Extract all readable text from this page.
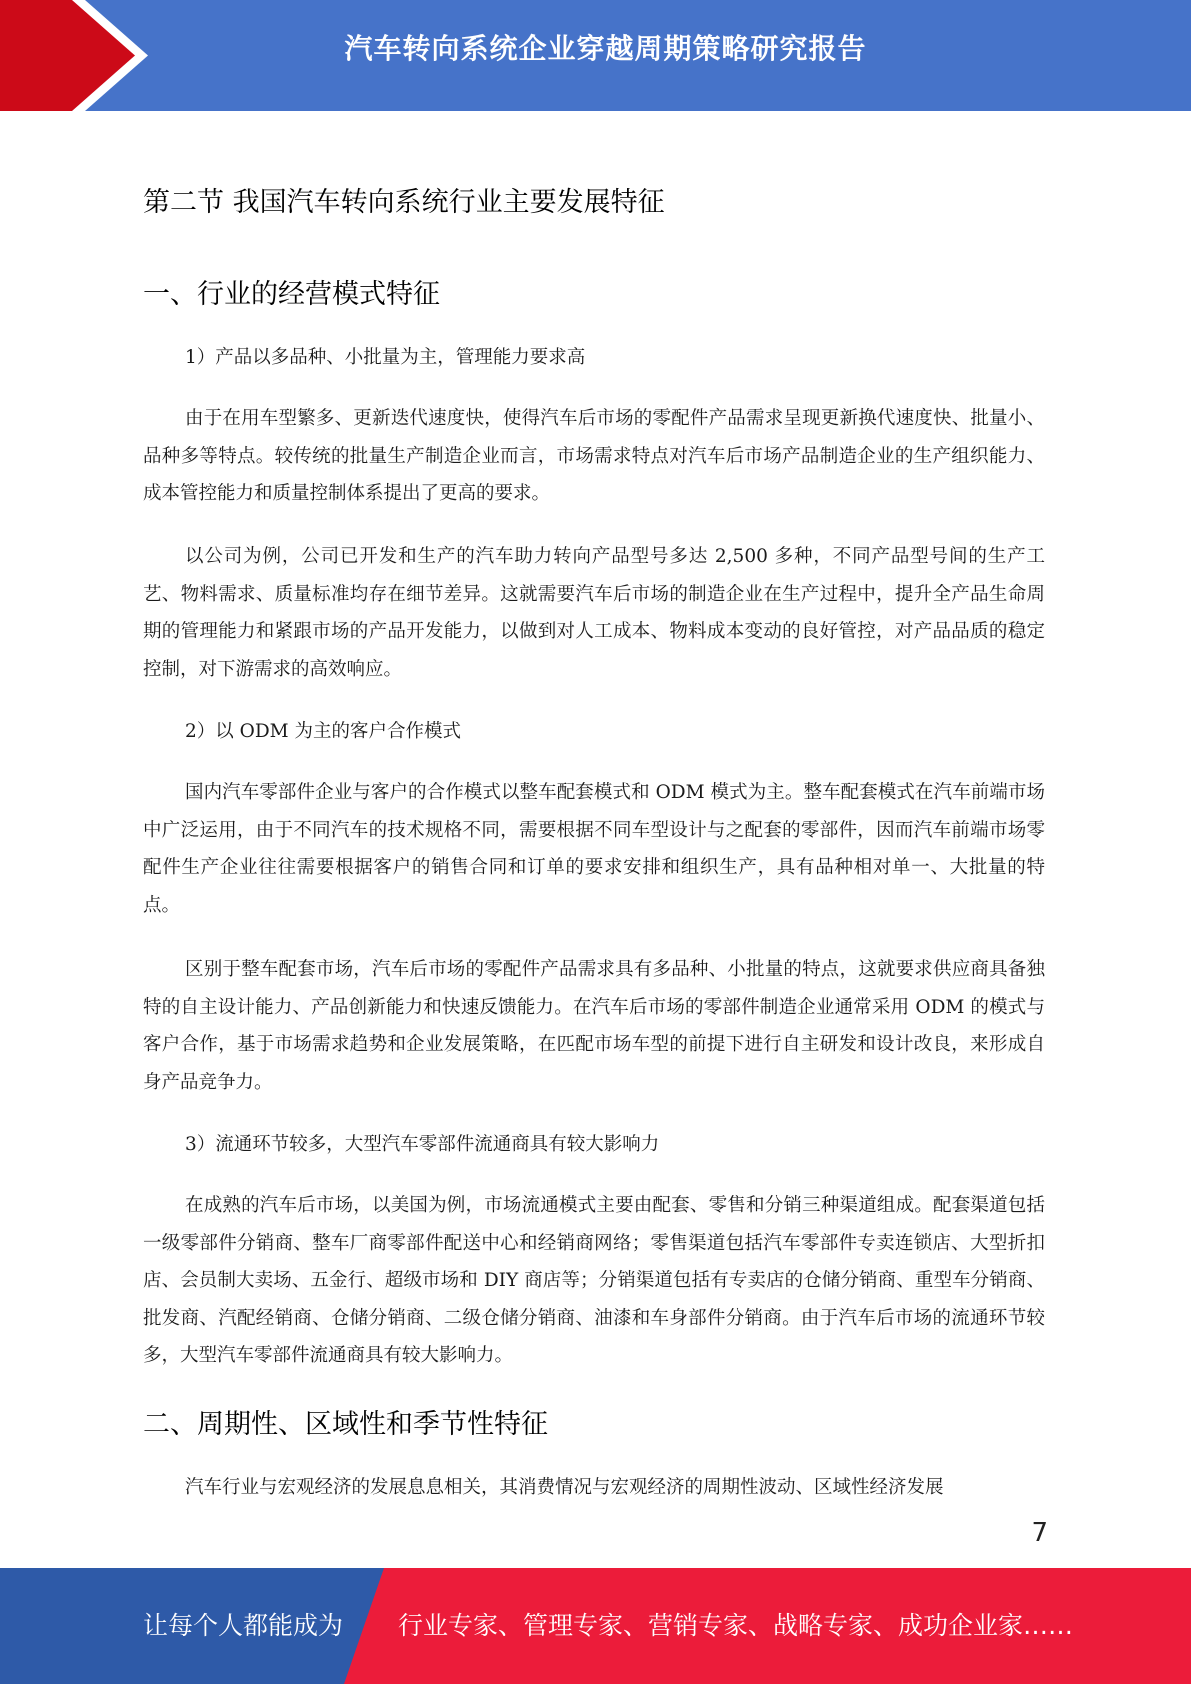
汽车转向系统企业穿越周期策略研究报告
第二节 我国汽车转向系统行业主要发展特征
一、行业的经营模式特征

1）产品以多品种、小批量为主，管理能力要求高

由于在用车型繁多、更新迭代速度快，使得汽车后市场的零配件产品需求呈现更新换代速度快、批量小、品种多等特点。较传统的批量生产制造企业而言，市场需求特点对汽车后市场产品制造企业的生产组织能力、成本管控能力和质量控制体系提出了更高的要求。

以公司为例，公司已开发和生产的汽车助力转向产品型号多达 2,500 多种，不同产品型号间的生产工艺、物料需求、质量标准均存在细节差异。这就需要汽车后市场的制造企业在生产过程中，提升全产品生命周期的管理能力和紧跟市场的产品开发能力，以做到对人工成本、物料成本变动的良好管控，对产品品质的稳定控制，对下游需求的高效响应。

2）以 ODM 为主的客户合作模式

国内汽车零部件企业与客户的合作模式以整车配套模式和 ODM 模式为主。整车配套模式在汽车前端市场中广泛运用，由于不同汽车的技术规格不同，需要根据不同车型设计与之配套的零部件，因而汽车前端市场零配件生产企业往往需要根据客户的销售合同和订单的要求安排和组织生产，具有品种相对单一、大批量的特点。

区别于整车配套市场，汽车后市场的零配件产品需求具有多品种、小批量的特点，这就要求供应商具备独特的自主设计能力、产品创新能力和快速反馈能力。在汽车后市场的零部件制造企业通常采用 ODM 的模式与客户合作，基于市场需求趋势和企业发展策略，在匹配市场车型的前提下进行自主研发和设计改良，来形成自身产品竞争力。

3）流通环节较多，大型汽车零部件流通商具有较大影响力

在成熟的汽车后市场，以美国为例，市场流通模式主要由配套、零售和分销三种渠道组成。配套渠道包括一级零部件分销商、整车厂商零部件配送中心和经销商网络；零售渠道包括汽车零部件专卖连锁店、大型折扣店、会员制大卖场、五金行、超级市场和 DIY 商店等；分销渠道包括有专卖店的仓储分销商、重型车分销商、批发商、汽配经销商、仓储分销商、二级仓储分销商、油漆和车身部件分销商。由于汽车后市场的流通环节较多，大型汽车零部件流通商具有较大影响力。

二、周期性、区域性和季节性特征

汽车行业与宏观经济的发展息息相关，其消费情况与宏观经济的周期性波动、区域性经济发展

7
让每个人都能成为 行业专家、管理专家、营销专家、战略专家、成功企业家……
